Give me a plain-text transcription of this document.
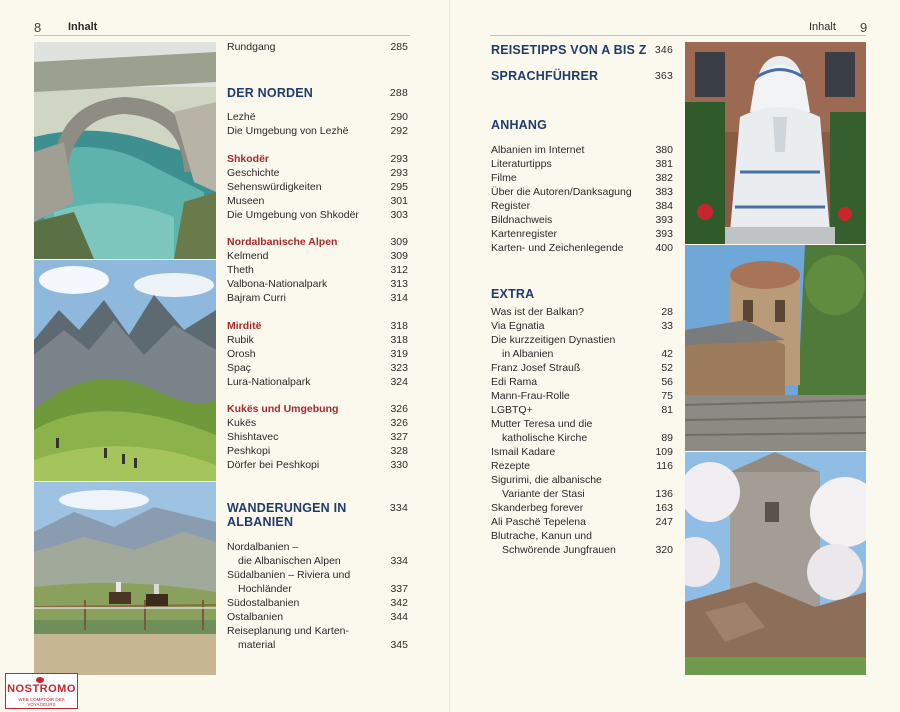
8 Inhalt
Rundgang	285
DER NORDEN	288
Lezhë	290
Die Umgebung von Lezhë	292
Shkodër	293
Geschichte	293
Sehenswürdigkeiten	295
Museen	301
Die Umgebung von Shkodër	303
Nordalbanische Alpen	309
Kelmend	309
Theth	312
Valbona-Nationalpark	313
Bajram Curri	314
Mirditë	318
Rubik	318
Orosh	319
Spaç	323
Lura-Nationalpark	324
Kukës und Umgebung	326
Kukës	326
Shishtavec	327
Peshkopi	328
Dörfer bei Peshkopi	330
WANDERUNGEN IN	334
ALBANIEN
Nordalbanien –
die Albanischen Alpen	334
Südalbanien – Riviera und
Hochländer	337
Südostalbanien	342
Ostalbanien	344
Reiseplanung und Karten-
material	345
Inhalt 9
REISETIPPS VON A BIS Z 346
SPRACHFÜHRER	363
ANHANG
Albanien im Internet	380
Literaturtipps	381
Filme	382
Über die Autoren/Danksagung 383
Register	384
Bildnachweis	393
Kartenregister	393
Karten- und Zeichenlegende	400
EXTRA
Was ist der Balkan?	28
Via Egnatia	33
Die kurzzeitigen Dynastien
in Albanien	42
Franz Josef Strauß	52
Edi Rama	56
Mann-Frau-Rolle	75
LGBTQ+	81
Mutter Teresa und die
katholische Kirche	89
Ismail Kadare	109
Rezepte	116
Sigurimi, die albanische
Variante der Stasi	136
Skanderbeg forever	163
Ali Paschë Tepelena	247
Blutrache, Kanun und
Schwörende Jungfrauen	320
NOSTROMO
WEB COMPTOIR DES VOYAGEURS
